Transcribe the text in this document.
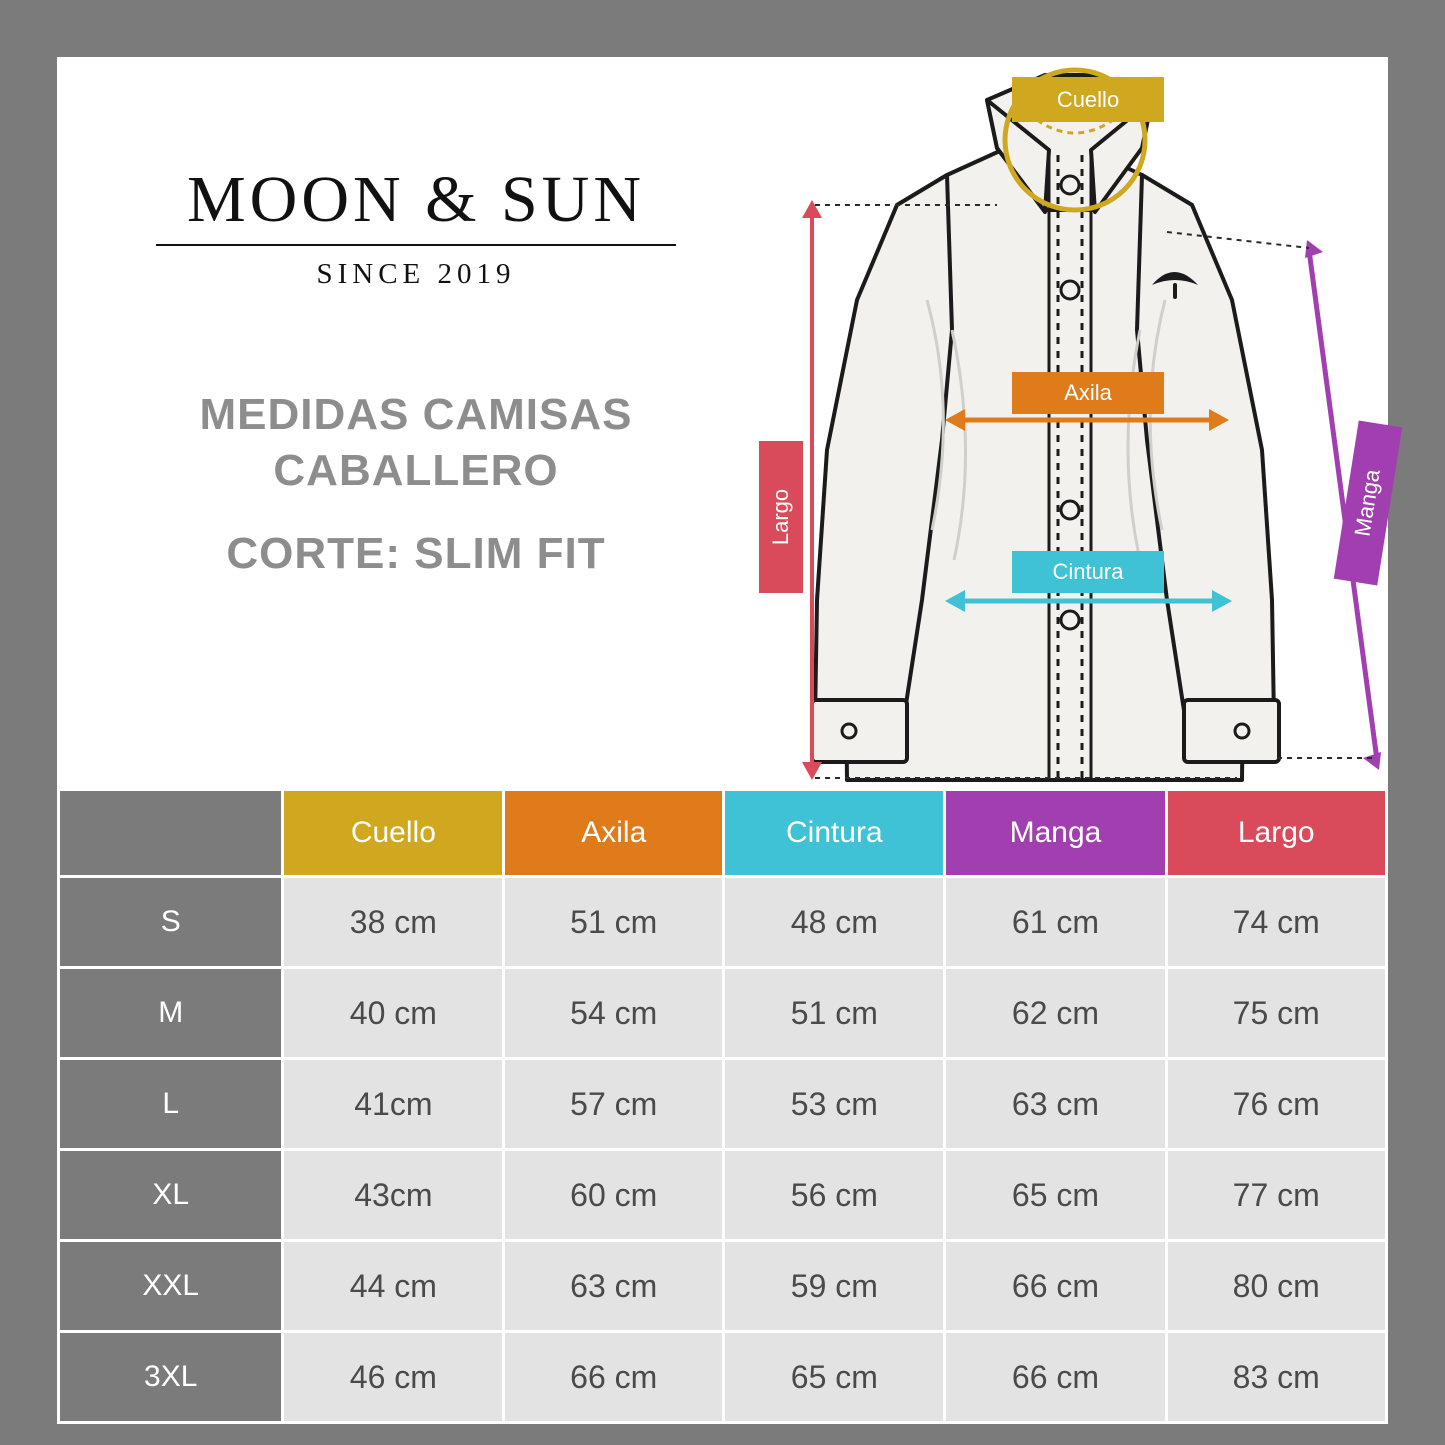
MOON & SUN
SINCE 2019
MEDIDAS CAMISAS
CABALLERO
CORTE: SLIM FIT
Cuello
Axila
Cintura
Largo	Manga
	Cuello	Axila	Cintura	Manga	Largo
S	38 cm	51 cm	48 cm	61 cm	74 cm
M	40 cm	54 cm	51 cm	62 cm	75 cm
L	41cm	57 cm	53 cm	63 cm	76 cm
XL	43cm	60 cm	56 cm	65 cm	77 cm
XXL	44 cm	63 cm	59 cm	66 cm	80 cm
3XL	46 cm	66 cm	65 cm	66 cm	83 cm
